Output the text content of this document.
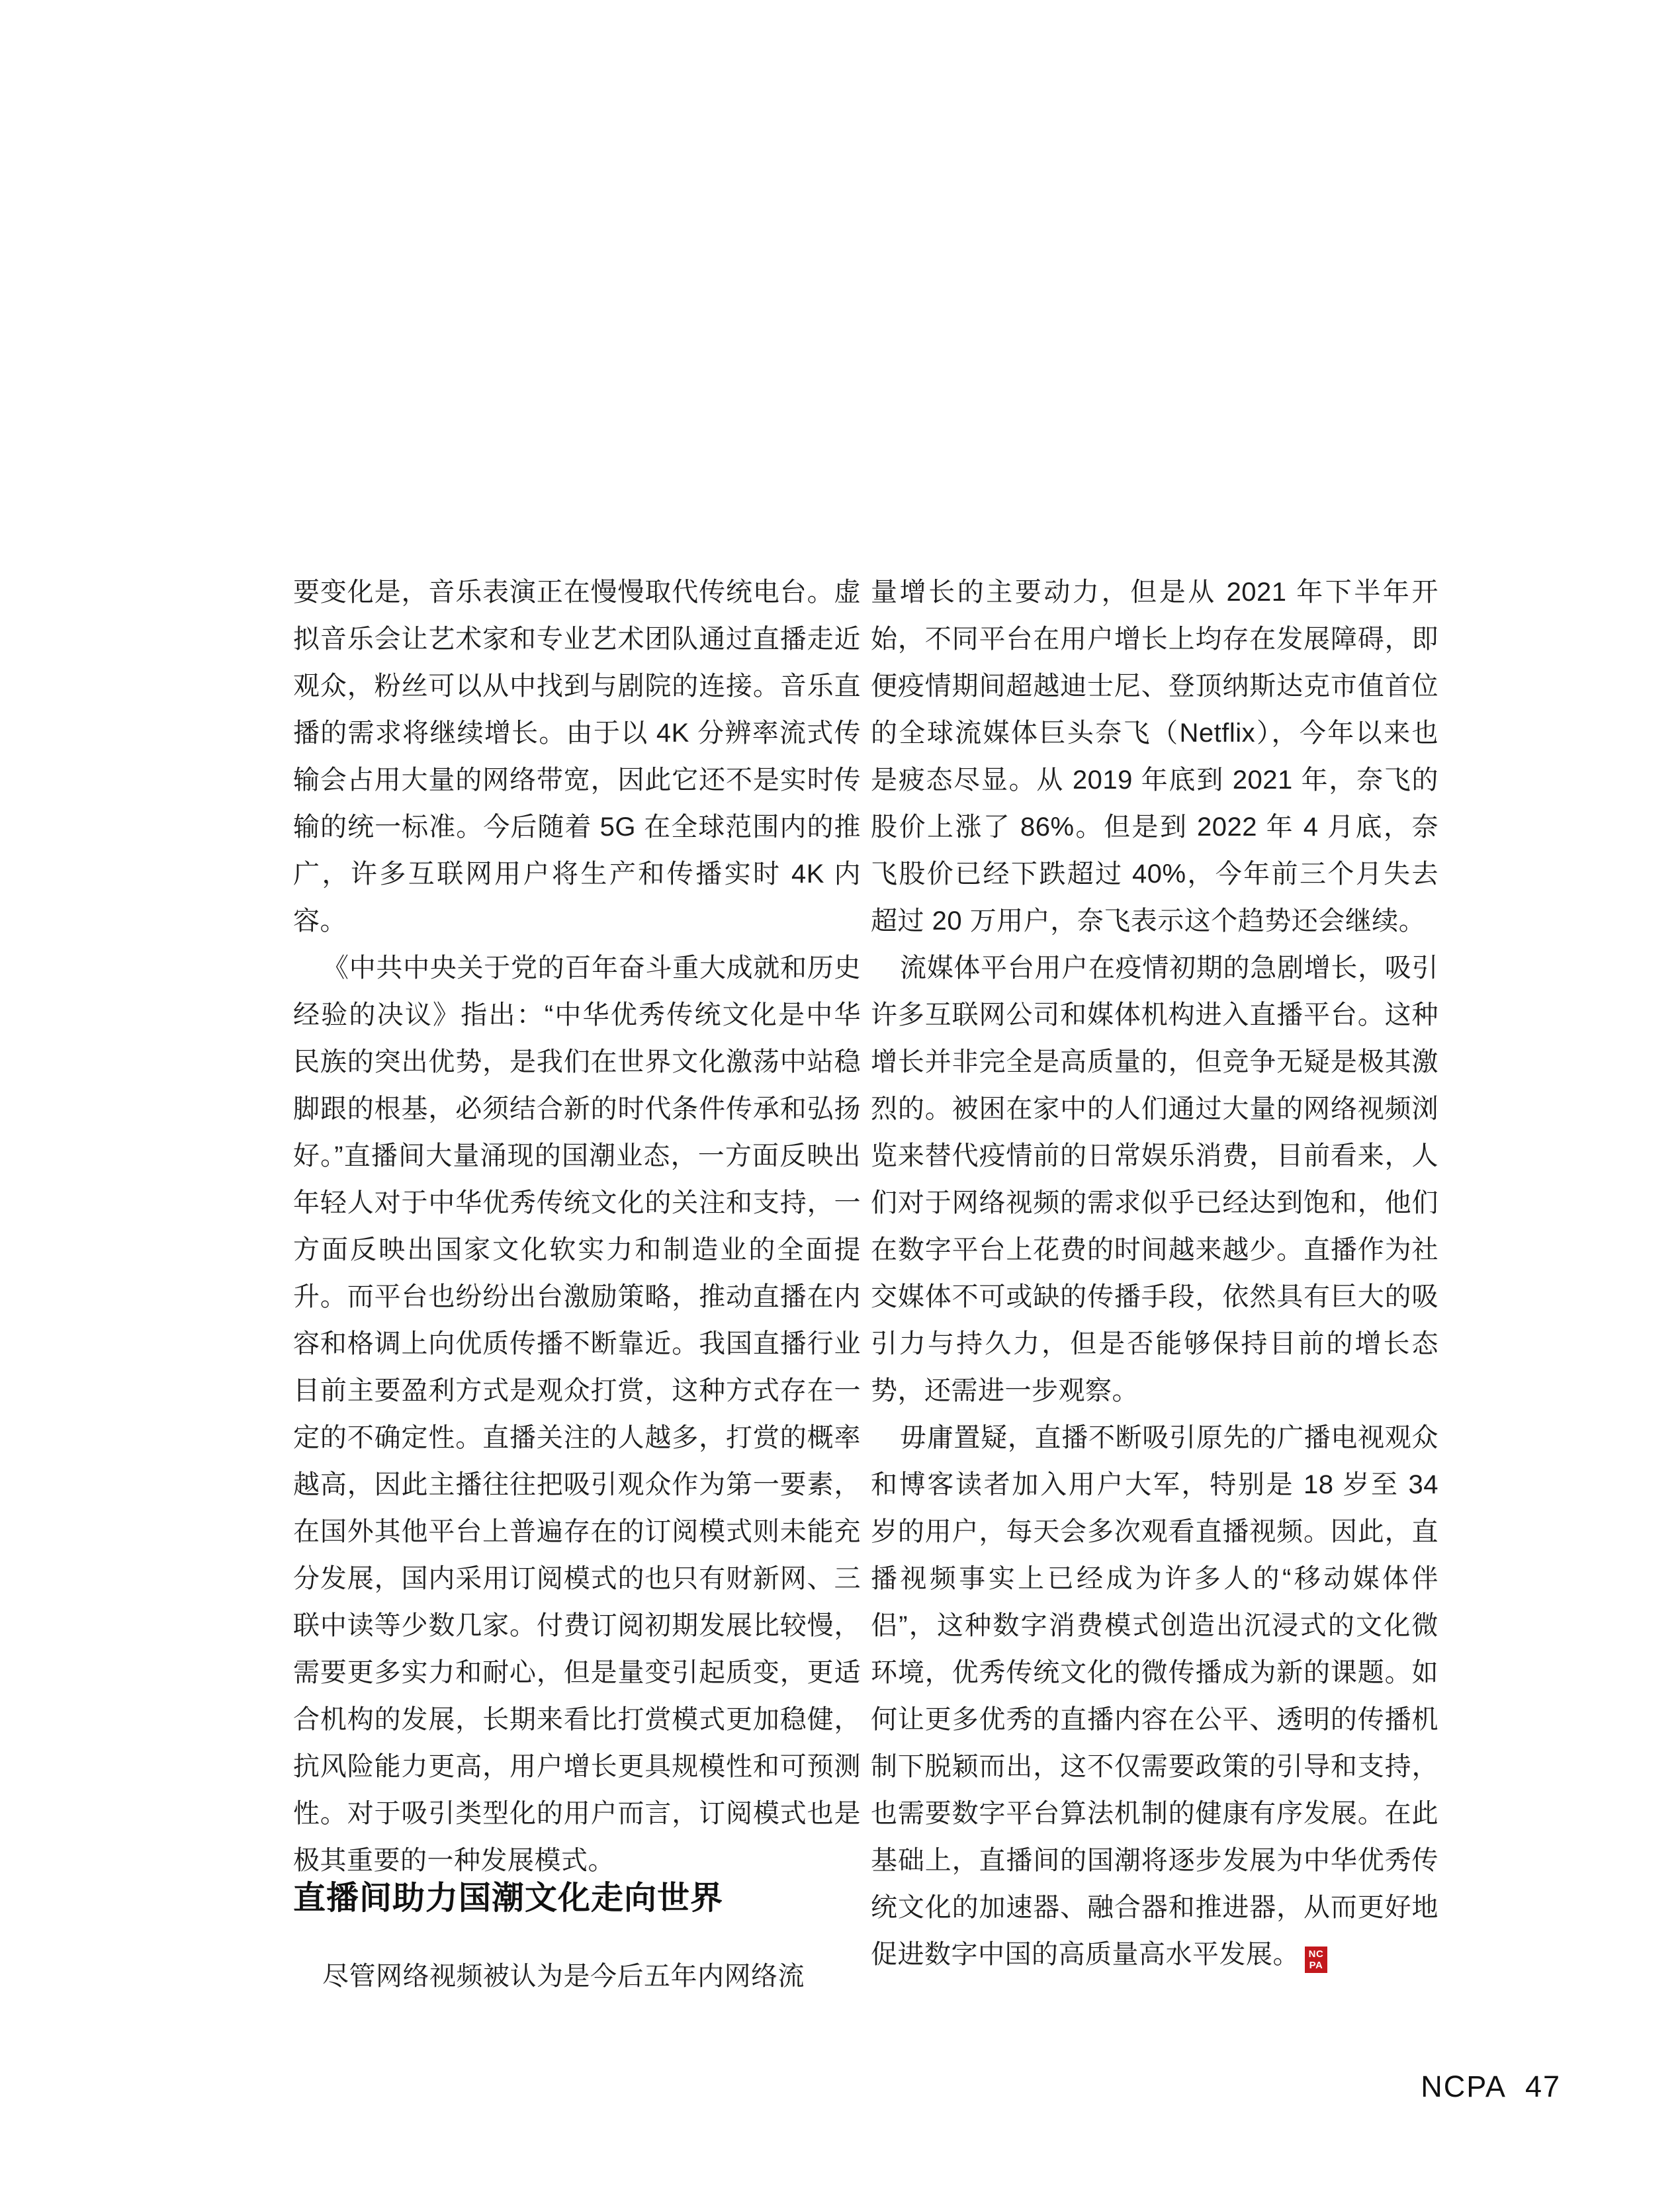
要变化是，音乐表演正在慢慢取代传统电台。虚拟音乐会让艺术家和专业艺术团队通过直播走近观众，粉丝可以从中找到与剧院的连接。音乐直播的需求将继续增长。由于以 4K 分辨率流式传输会占用大量的网络带宽，因此它还不是实时传输的统一标准。今后随着 5G 在全球范围内的推广，许多互联网用户将生产和传播实时 4K 内容。

《中共中央关于党的百年奋斗重大成就和历史经验的决议》指出：“中华优秀传统文化是中华民族的突出优势，是我们在世界文化激荡中站稳脚跟的根基，必须结合新的时代条件传承和弘扬好。”直播间大量涌现的国潮业态，一方面反映出年轻人对于中华优秀传统文化的关注和支持，一方面反映出国家文化软实力和制造业的全面提升。而平台也纷纷出台激励策略，推动直播在内容和格调上向优质传播不断靠近。我国直播行业目前主要盈利方式是观众打赏，这种方式存在一定的不确定性。直播关注的人越多，打赏的概率越高，因此主播往往把吸引观众作为第一要素，在国外其他平台上普遍存在的订阅模式则未能充分发展，国内采用订阅模式的也只有财新网、三联中读等少数几家。付费订阅初期发展比较慢，需要更多实力和耐心，但是量变引起质变，更适合机构的发展，长期来看比打赏模式更加稳健，抗风险能力更高，用户增长更具规模性和可预测性。对于吸引类型化的用户而言，订阅模式也是极其重要的一种发展模式。

直播间助力国潮文化走向世界

尽管网络视频被认为是今后五年内网络流

量增长的主要动力，但是从 2021 年下半年开始，不同平台在用户增长上均存在发展障碍，即便疫情期间超越迪士尼、登顶纳斯达克市值首位的全球流媒体巨头奈飞（Netflix），今年以来也是疲态尽显。从 2019 年底到 2021 年，奈飞的股价上涨了 86%。但是到 2022 年 4 月底，奈飞股价已经下跌超过 40%，今年前三个月失去超过 20 万用户，奈飞表示这个趋势还会继续。

流媒体平台用户在疫情初期的急剧增长，吸引许多互联网公司和媒体机构进入直播平台。这种增长并非完全是高质量的，但竞争无疑是极其激烈的。被困在家中的人们通过大量的网络视频浏览来替代疫情前的日常娱乐消费，目前看来，人们对于网络视频的需求似乎已经达到饱和，他们在数字平台上花费的时间越来越少。直播作为社交媒体不可或缺的传播手段，依然具有巨大的吸引力与持久力，但是否能够保持目前的增长态势，还需进一步观察。

毋庸置疑，直播不断吸引原先的广播电视观众和博客读者加入用户大军，特别是 18 岁至 34 岁的用户，每天会多次观看直播视频。因此，直播视频事实上已经成为许多人的“移动媒体伴侣”，这种数字消费模式创造出沉浸式的文化微环境，优秀传统文化的微传播成为新的课题。如何让更多优秀的直播内容在公平、透明的传播机制下脱颖而出，这不仅需要政策的引导和支持，也需要数字平台算法机制的健康有序发展。在此基础上，直播间的国潮将逐步发展为中华优秀传统文化的加速器、融合器和推进器，从而更好地促进数字中国的高质量高水平发展。 NC
PA

NCPA 47
